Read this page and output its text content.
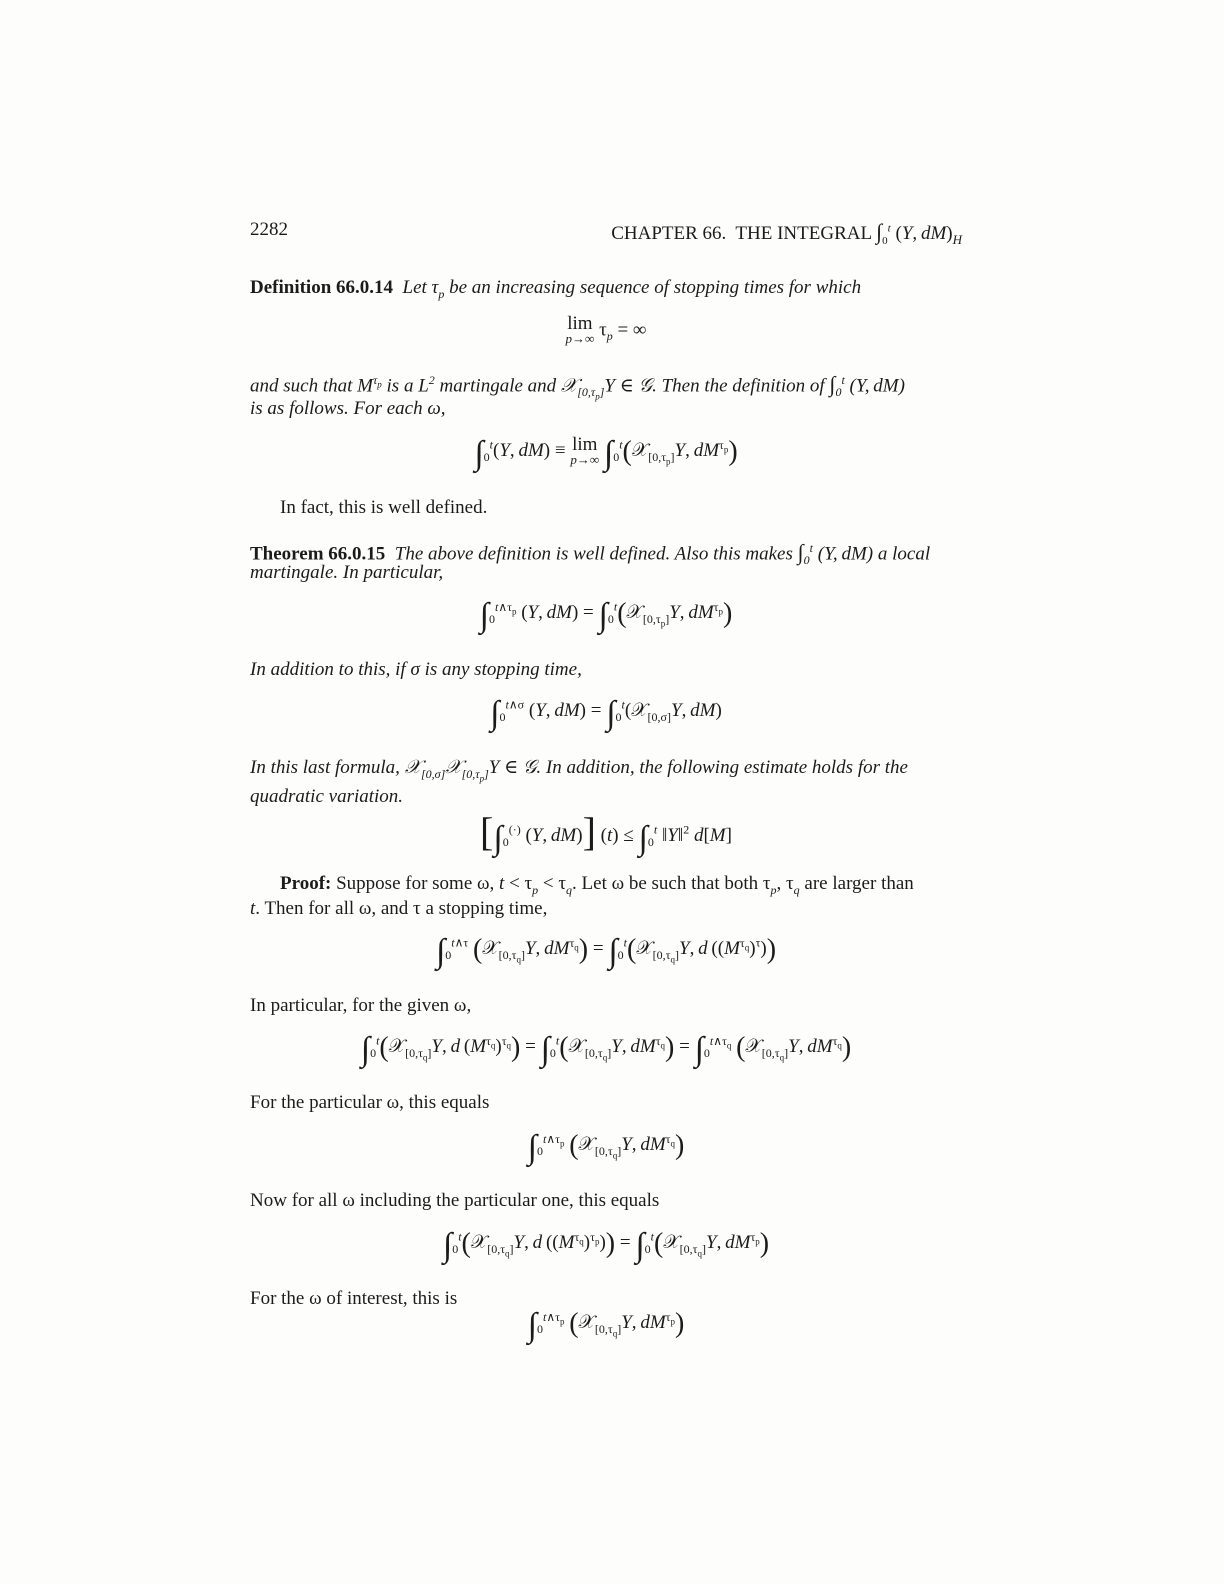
2282	CHAPTER 66.  THE INTEGRAL $\int_0^t$ (Y, $dM)_H$
Definition 66.0.14  Let $\tau_p$ be an increasing sequence of stopping times for which
lim
p→∞ $\tau_p$ = ∞
and such that $M^{\tau_p}$ is a $L^2$ martingale and 𝒳$_{[0,\tau_p]}$Y ∈ 𝒢. Then the definition of $\int_0^t$ (Y, dM)
is as follows. For each ω,
$\int_0^t(Y$, dM) ≡ lim
p→∞ $\int_0^t(𝒳_{[0,\tau_p]}Y$, $dM^{\tau_p}$)
In fact, this is well defined.
Theorem 66.0.15  The above definition is well defined. Also this makes $\int_0^t$ (Y, dM) a local
martingale. In particular,
$\int_0^{t\wedge\tau_p}$ (Y, $dM) = \int_0^t(𝒳_{[0,\tau_p]}Y$, $dM^{\tau_p}$)
In addition to this, if σ is any stopping time,
$\int_0^{t\wedge\sigma}$ (Y, $dM) = \int_0^t(𝒳_{[0,\sigma]}Y$, dM)
In this last formula, 𝒳$_{[0,\sigma]}$𝒳$_{[0,\tau_p]}$Y ∈ 𝒢. In addition, the following estimate holds for the
quadratic variation.
[$\int_0^{(\cdot)}$ (Y, dM)] $(t) \le \int_0^t$ ‖Y‖$^2$ d[M]
Proof: Suppose for some ω, $t < \tau_p < \tau_q$. Let ω be such that both $\tau_p$, $\tau_q$ are larger than
t. Then for all ω, and τ a stopping time,
$\int_0^{t\wedge\tau}$ (𝒳$_{[0,\tau_q]}$Y, $dM^{\tau_q}$) = $\int_0^t(𝒳_{[0,\tau_q]}Y$, d $((M^{\tau_q})^\tau)$)
In particular, for the given ω,
$\int_0^t(𝒳_{[0,\tau_q]}Y$, d $(M^{\tau_q})^{\tau_q}$) = $\int_0^t(𝒳_{[0,\tau_q]}Y$, $dM^{\tau_q}) = \int_0^{t\wedge\tau_q}$ (𝒳$_{[0,\tau_q]}$Y, $dM^{\tau_q}$)
For the particular ω, this equals
$\int_0^{t\wedge\tau_p}$ (𝒳$_{[0,\tau_q]}$Y, $dM^{\tau_q}$)
Now for all ω including the particular one, this equals
$\int_0^t(𝒳_{[0,\tau_q]}Y$, d $((M^{\tau_q})^{\tau_p})$) = $\int_0^t(𝒳_{[0,\tau_q]}Y$, $dM^{\tau_p}$)
For the ω of interest, this is
$\int_0^{t\wedge\tau_p}$ (𝒳$_{[0,\tau_q]}$Y, $dM^{\tau_p}$)
